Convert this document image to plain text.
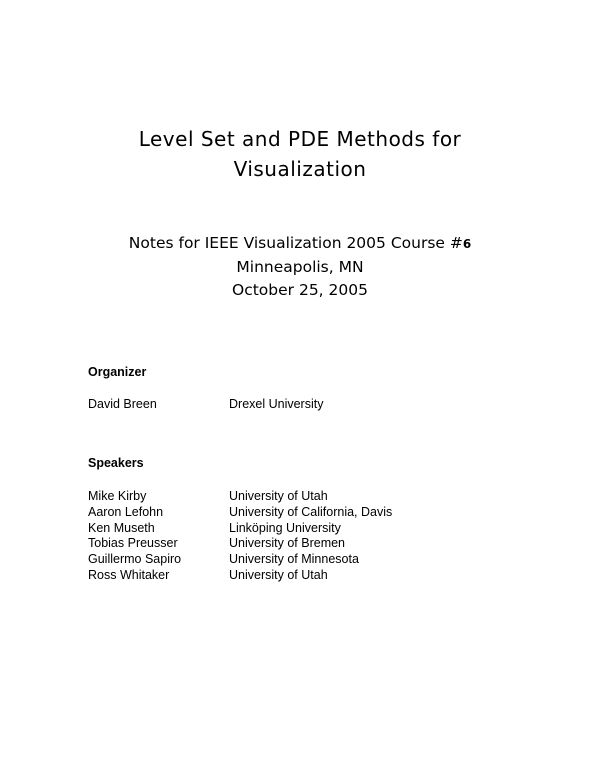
Level Set and PDE Methods for
Visualization
Notes for IEEE Visualization 2005 Course #6
Minneapolis, MN
October 25, 2005
Organizer
David Breen	Drexel University
Speakers
Mike Kirby	University of Utah
Aaron Lefohn	University of California, Davis
Ken Museth	Linköping University
Tobias Preusser	University of Bremen
Guillermo Sapiro	University of Minnesota
Ross Whitaker	University of Utah
